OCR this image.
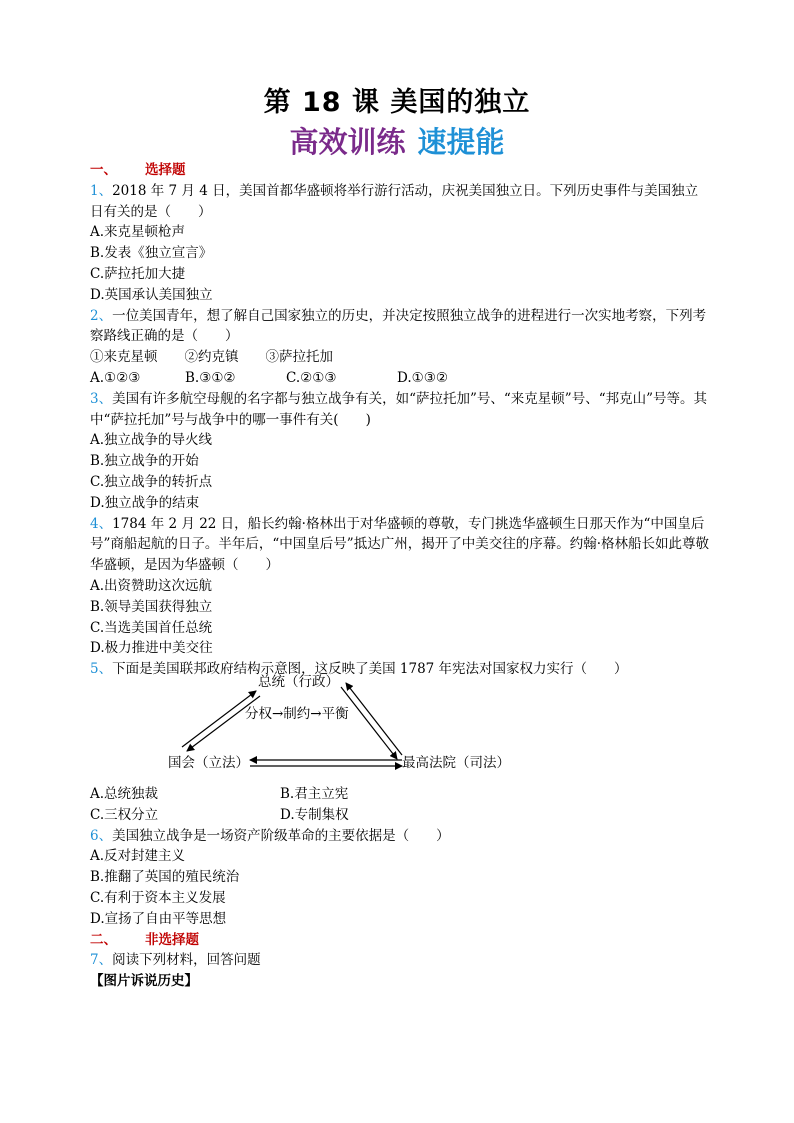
第 18 课 美国的独立
高效训练 速提能
一、 选择题
1、2018 年 7 月 4 日，美国首都华盛顿将举行游行活动，庆祝美国独立日。下列历史事件与美国独立日有关的是（　　）
A.来克星顿枪声
B.发表《独立宣言》
C.萨拉托加大捷
D.英国承认美国独立
2、一位美国青年，想了解自己国家独立的历史，并决定按照独立战争的进程进行一次实地考察，下列考察路线正确的是（　　）
①来克星顿　　②约克镇　　③萨拉托加
A.①②③	B.③①②	C.②①③	D.①③②
3、美国有许多航空母舰的名字都与独立战争有关，如“萨拉托加”号、“来克星顿”号、“邦克山”号等。其中“萨拉托加”号与战争中的哪一事件有关(　　)
A.独立战争的导火线
B.独立战争的开始
C.独立战争的转折点
D.独立战争的结束
4、1784 年 2 月 22 日，船长约翰·格林出于对华盛顿的尊敬，专门挑选华盛顿生日那天作为“中国皇后号”商船起航的日子。半年后，“中国皇后号”抵达广州，揭开了中美交往的序幕。约翰·格林船长如此尊敬华盛顿，是因为华盛顿（　　）
A.出资赞助这次远航
B.领导美国获得独立
C.当选美国首任总统
D.极力推进中美交往
5、下面是美国联邦政府结构示意图，这反映了美国 1787 年宪法对国家权力实行（　　）
总统（行政）
分权→制约→平衡
国会（立法）	最高法院（司法）
A.总统独裁	B.君主立宪
C.三权分立	D.专制集权
6、美国独立战争是一场资产阶级革命的主要依据是（　　）
A.反对封建主义
B.推翻了英国的殖民统治
C.有利于资本主义发展
D.宣扬了自由平等思想
二、 非选择题
7、阅读下列材料，回答问题
【图片诉说历史】
